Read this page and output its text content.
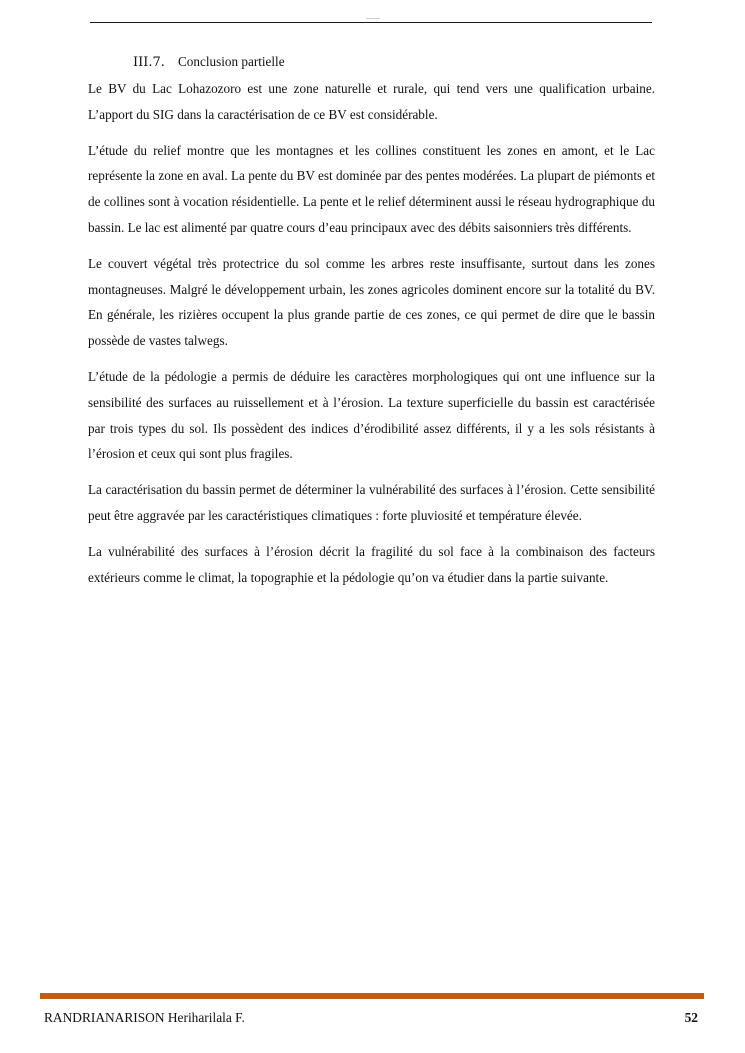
III.7. Conclusion partielle

Le BV du Lac Lohazozoro est une zone naturelle et rurale, qui tend vers une qualification urbaine. L’apport du SIG dans la caractérisation de ce BV est considérable.

L’étude du relief montre que les montagnes et les collines constituent les zones en amont, et le Lac représente la zone en aval. La pente du BV est dominée par des pentes modérées. La plupart de piémonts et de collines sont à vocation résidentielle. La pente et le relief déterminent aussi le réseau hydrographique du bassin. Le lac est alimenté par quatre cours d’eau principaux avec des débits saisonniers très différents.

Le couvert végétal très protectrice du sol comme les arbres reste insuffisante, surtout dans les zones montagneuses. Malgré le développement urbain, les zones agricoles dominent encore sur la totalité du BV. En générale, les rizières occupent la plus grande partie de ces zones, ce qui permet de dire que le bassin possède de vastes talwegs.

L’étude de la pédologie a permis de déduire les caractères morphologiques qui ont une influence sur la sensibilité des surfaces au ruissellement et à l’érosion. La texture superficielle du bassin est caractérisée par trois types du sol. Ils possèdent des indices d’érodibilité assez différents, il y a les sols résistants à l’érosion et ceux qui sont plus fragiles.

La caractérisation du bassin permet de déterminer la vulnérabilité des surfaces à l’érosion. Cette sensibilité peut être aggravée par les caractéristiques climatiques : forte pluviosité et température élevée.

La vulnérabilité des surfaces à l’érosion décrit la fragilité du sol face à la combinaison des facteurs extérieurs comme le climat, la topographie et la pédologie qu’on va étudier dans la partie suivante.

RANDRIANARISON Heriharilala F.	52
